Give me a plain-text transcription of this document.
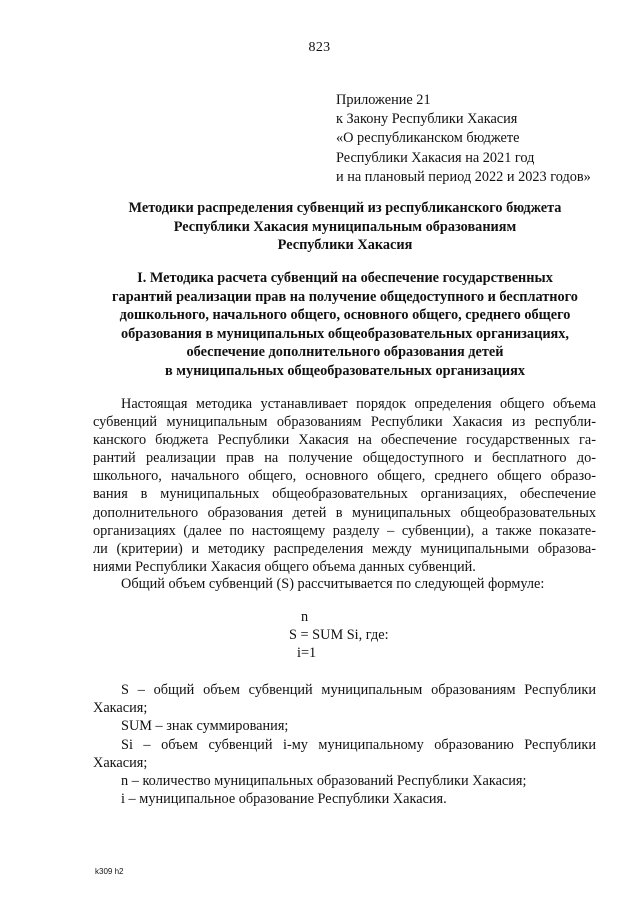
823
Приложение 21
к Закону Республики Хакасия
«О республиканском бюджете
Республики Хакасия на 2021 год
и на плановый период 2022 и 2023 годов»
Методики распределения субвенций из республиканского бюджета
Республики Хакасия муниципальным образованиям
Республики Хакасия
I. Методика расчета субвенций на обеспечение государственных
гарантий реализации прав на получение общедоступного и бесплатного
дошкольного, начального общего, основного общего, среднего общего
образования в муниципальных общеобразовательных организациях,
обеспечение дополнительного образования детей
в муниципальных общеобразовательных организациях
Настоящая методика устанавливает порядок определения общего объема
субвенций муниципальным образованиям Республики Хакасия из республи-
канского бюджета Республики Хакасия на обеспечение государственных га-
рантий реализации прав на получение общедоступного и бесплатного до-
школьного, начального общего, основного общего, среднего общего образо-
вания в муниципальных общеобразовательных организациях, обеспечение
дополнительного образования детей в муниципальных общеобразовательных
организациях (далее по настоящему разделу – субвенции), а также показате-
ли (критерии) и методику распределения между муниципальными образова-
ниями Республики Хакасия общего объема данных субвенций.
Общий объем субвенций (S) рассчитывается по следующей формуле:
n
S = SUM Si, где:
i=1
S – общий объем субвенций муниципальным образованиям Республики
Хакасия;
SUM – знак суммирования;
Si – объем субвенций i-му муниципальному образованию Республики
Хакасия;
n – количество муниципальных образований Республики Хакасия;
i – муниципальное образование Республики Хакасия.
k309 h2
